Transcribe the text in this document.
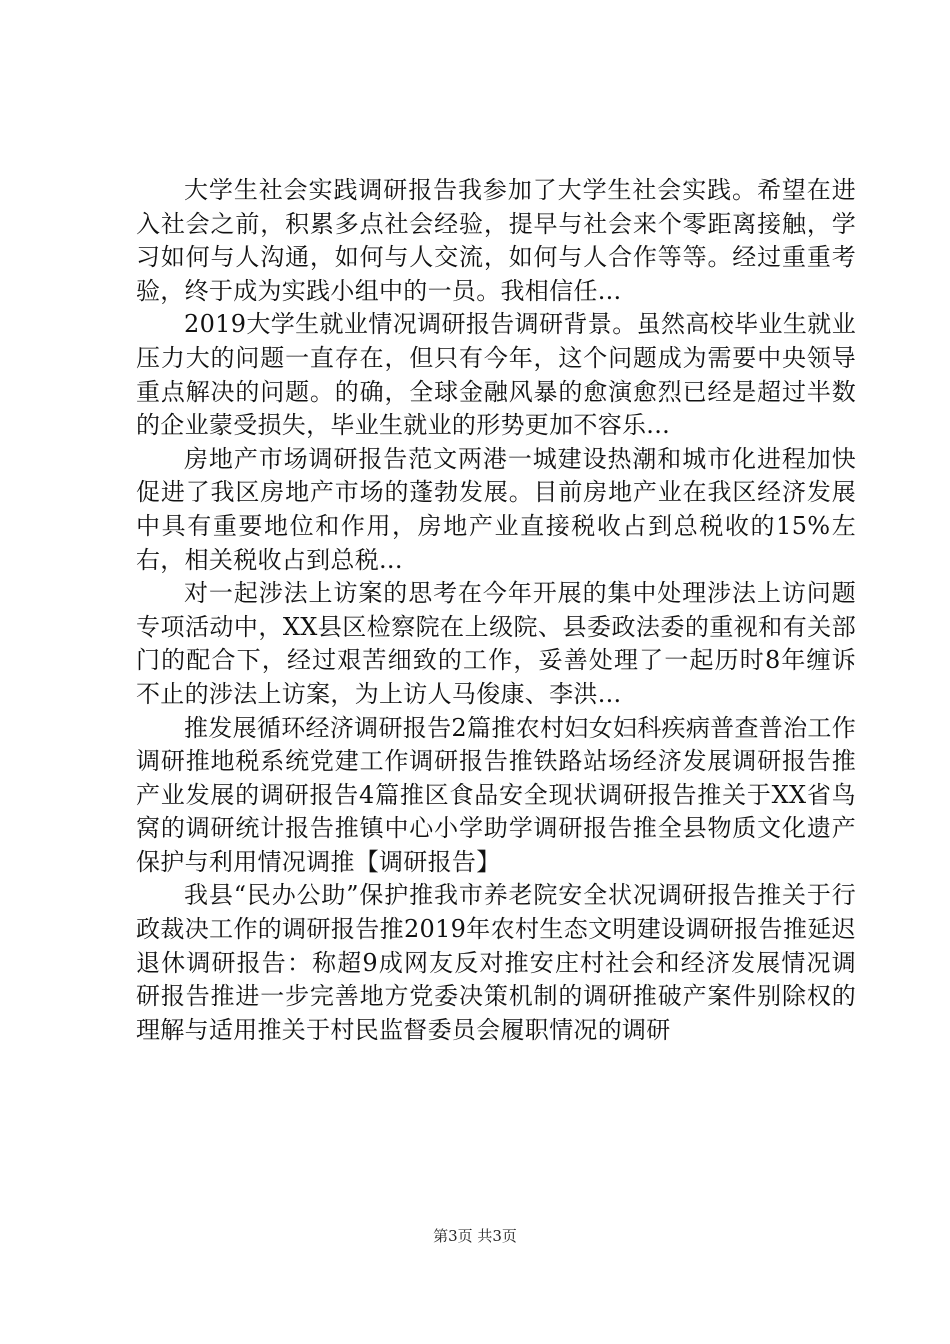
大学生社会实践调研报告我参加了大学生社会实践。希望在进入社会之前，积累多点社会经验，提早与社会来个零距离接触，学习如何与人沟通，如何与人交流，如何与人合作等等。经过重重考验，终于成为实践小组中的一员。我相信任...

2019大学生就业情况调研报告调研背景。虽然高校毕业生就业压力大的问题一直存在，但只有今年，这个问题成为需要中央领导重点解决的问题。的确，全球金融风暴的愈演愈烈已经是超过半数的企业蒙受损失，毕业生就业的形势更加不容乐...

房地产市场调研报告范文两港一城建设热潮和城市化进程加快促进了我区房地产市场的蓬勃发展。目前房地产业在我区经济发展中具有重要地位和作用，房地产业直接税收占到总税收的15%左右，相关税收占到总税...

对一起涉法上访案的思考在今年开展的集中处理涉法上访问题专项活动中，XX县区检察院在上级院、县委政法委的重视和有关部门的配合下，经过艰苦细致的工作，妥善处理了一起历时8年缠诉不止的涉法上访案，为上访人马俊康、李洪...

推发展循环经济调研报告2篇推农村妇女妇科疾病普查普治工作调研推地税系统党建工作调研报告推铁路站场经济发展调研报告推产业发展的调研报告4篇推区食品安全现状调研报告推关于XX省鸟窝的调研统计报告推镇中心小学助学调研报告推全县物质文化遗产保护与利用情况调推【调研报告】

我县“民办公助”保护推我市养老院安全状况调研报告推关于行政裁决工作的调研报告推2019年农村生态文明建设调研报告推延迟退休调研报告：称超9成网友反对推安庄村社会和经济发展情况调研报告推进一步完善地方党委决策机制的调研推破产案件别除权的理解与适用推关于村民监督委员会履职情况的调研

第3页 共3页
